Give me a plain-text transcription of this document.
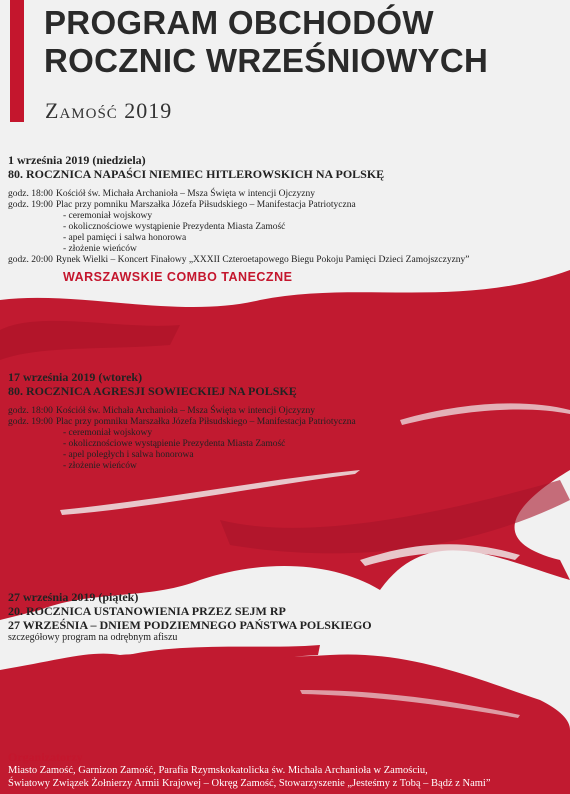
PROGRAM OBCHODÓW
ROCZNIC WRZEŚNIOWYCH
Zamość 2019
1 września 2019 (niedziela)
80. ROCZNICA NAPAŚCI NIEMIEC HITLEROWSKICH NA POLSKĘ
godz. 18:00 Kościół św. Michała Archanioła – Msza Święta w intencji Ojczyzny
godz. 19:00 Plac przy pomniku Marszałka Józefa Piłsudskiego – Manifestacja Patriotyczna
- ceremoniał wojskowy
- okolicznościowe wystąpienie Prezydenta Miasta Zamość
- apel pamięci i salwa honorowa
- złożenie wieńców
godz. 20:00 Rynek Wielki – Koncert Finałowy „XXXII Czteroetapowego Biegu Pokoju Pamięci Dzieci Zamojszczyzny”
WARSZAWSKIE COMBO TANECZNE
17 września 2019 (wtorek)
80. ROCZNICA AGRESJI SOWIECKIEJ NA POLSKĘ
godz. 18:00 Kościół św. Michała Archanioła – Msza Święta w intencji Ojczyzny
godz. 19:00 Plac przy pomniku Marszałka Józefa Piłsudskiego – Manifestacja Patriotyczna
- ceremoniał wojskowy
- okolicznościowe wystąpienie Prezydenta Miasta Zamość
- apel poległych i salwa honorowa
- złożenie wieńców
27 września 2019 (piątek)
20. ROCZNICA USTANOWIENIA PRZEZ SEJM RP
27 WRZEŚNIA – DNIEM PODZIEMNEGO PAŃSTWA POLSKIEGO
szczegółowy program na odrębnym afiszu
Organizatorzy
Miasto Zamość, Garnizon Zamość, Parafia Rzymskokatolicka św. Michała Archanioła w Zamościu,
Światowy Związek Żołnierzy Armii Krajowej – Okręg Zamość, Stowarzyszenie „Jesteśmy z Tobą – Bądź z Nami”
